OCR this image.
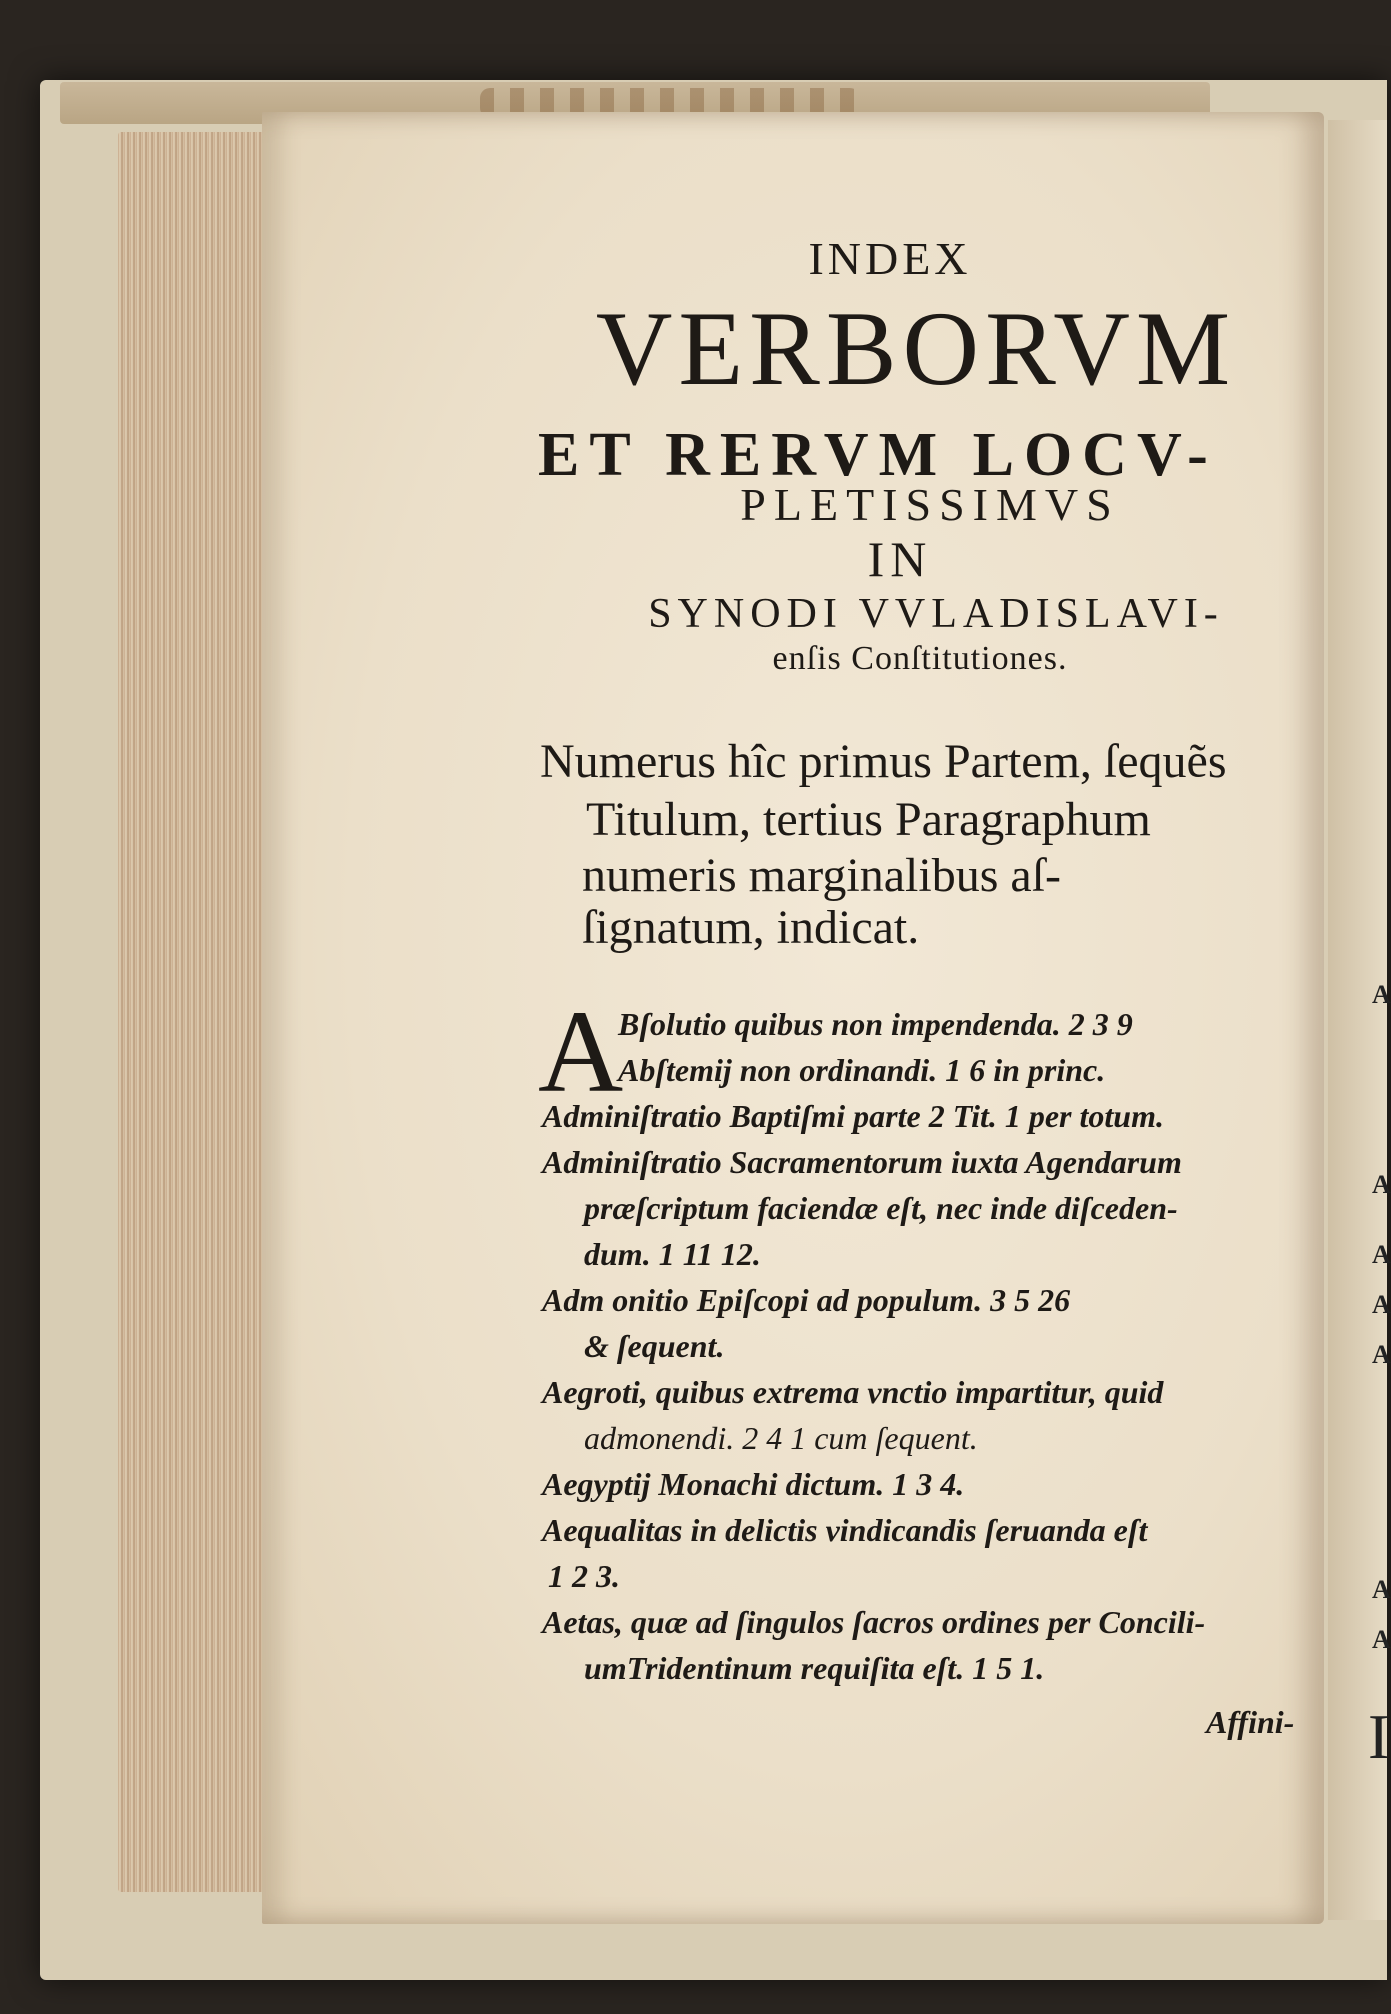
A
A
A
A
A
A
A
I
INDEX
VERBORVM
ET RERVM LOCV-
PLETISSIMVS
IN
SYNODI VVLADISLAVI-
enſis Conſtitutiones.
Numerus hîc primus Partem, ſequẽs
Titulum, tertius Paragraphum
numeris marginalibus aſ-
ſignatum, indicat.
A
Bſolutio quibus non impendenda. 2 3 9
Abſtemij non ordinandi. 1 6 in princ.
Adminiſtratio Baptiſmi parte 2 Tit. 1 per totum.
Adminiſtratio Sacramentorum iuxta Agendarum
præſcriptum faciendæ eſt, nec inde diſceden-
dum. 1 11 12.
Adm onitio Epiſcopi ad populum. 3 5 26
& ſequent.
Aegroti, quibus extrema vnctio impartitur, quid
admonendi. 2 4 1 cum ſequent.
Aegyptij Monachi dictum. 1 3 4.
Aequalitas in delictis vindicandis ſeruanda eſt
1 2 3.
Aetas, quæ ad ſingulos ſacros ordines per Concili-
umTridentinum requiſita eſt. 1 5 1.
Affini-
